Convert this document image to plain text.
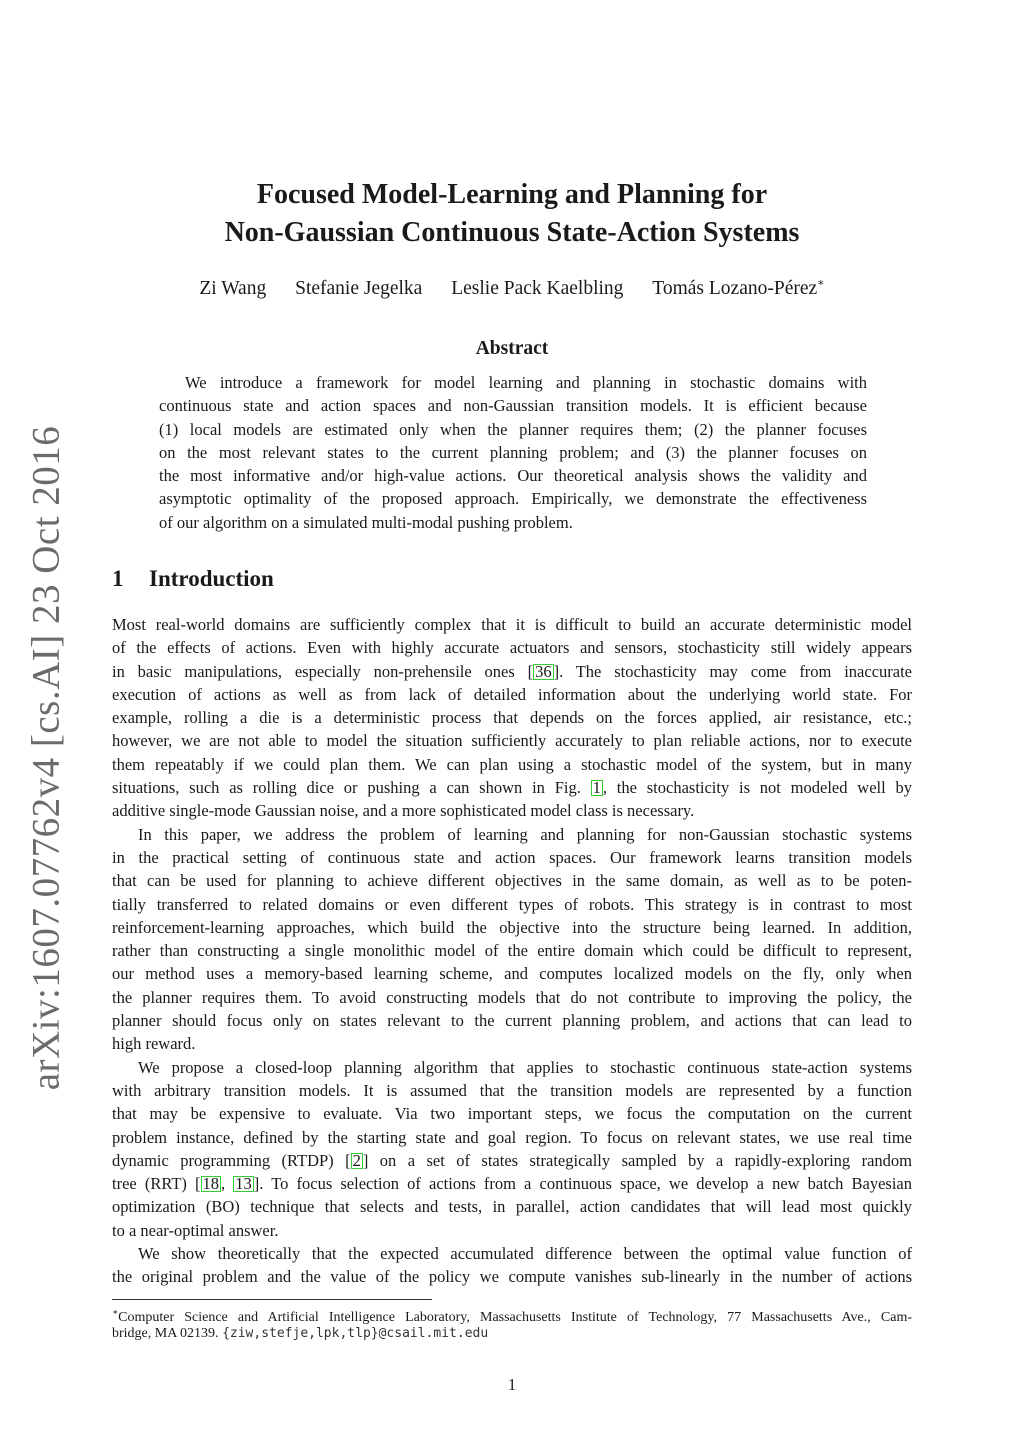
arXiv:1607.07762v4 [cs.AI] 23 Oct 2016
Focused Model-Learning and Planning for
Non-Gaussian Continuous State-Action Systems
Zi Wang Stefanie Jegelka Leslie Pack Kaelbling Tomás Lozano-Pérez∗
Abstract
We introduce a framework for model learning and planning in stochastic domains with
continuous state and action spaces and non-Gaussian transition models. It is efficient because
(1) local models are estimated only when the planner requires them; (2) the planner focuses
on the most relevant states to the current planning problem; and (3) the planner focuses on
the most informative and/or high-value actions. Our theoretical analysis shows the validity and
asymptotic optimality of the proposed approach. Empirically, we demonstrate the effectiveness
of our algorithm on a simulated multi-modal pushing problem.
1 Introduction
Most real-world domains are sufficiently complex that it is difficult to build an accurate deterministic model
of the effects of actions. Even with highly accurate actuators and sensors, stochasticity still widely appears
in basic manipulations, especially non-prehensile ones [ 36 ]. The stochasticity may come from inaccurate
execution of actions as well as from lack of detailed information about the underlying world state. For
example, rolling a die is a deterministic process that depends on the forces applied, air resistance, etc.;
however, we are not able to model the situation sufficiently accurately to plan reliable actions, nor to execute
them repeatably if we could plan them. We can plan using a stochastic model of the system, but in many
situations, such as rolling dice or pushing a can shown in Fig. 1 , the stochasticity is not modeled well by
additive single-mode Gaussian noise, and a more sophisticated model class is necessary.
In this paper, we address the problem of learning and planning for non-Gaussian stochastic systems
in the practical setting of continuous state and action spaces. Our framework learns transition models
that can be used for planning to achieve different objectives in the same domain, as well as to be poten-
tially transferred to related domains or even different types of robots. This strategy is in contrast to most
reinforcement-learning approaches, which build the objective into the structure being learned. In addition,
rather than constructing a single monolithic model of the entire domain which could be difficult to represent,
our method uses a memory-based learning scheme, and computes localized models on the fly, only when
the planner requires them. To avoid constructing models that do not contribute to improving the policy, the
planner should focus only on states relevant to the current planning problem, and actions that can lead to
high reward.
We propose a closed-loop planning algorithm that applies to stochastic continuous state-action systems
with arbitrary transition models. It is assumed that the transition models are represented by a function
that may be expensive to evaluate. Via two important steps, we focus the computation on the current
problem instance, defined by the starting state and goal region. To focus on relevant states, we use real time
dynamic programming (RTDP) [ 2 ] on a set of states strategically sampled by a rapidly-exploring random
tree (RRT) [ 18 , 13 ]. To focus selection of actions from a continuous space, we develop a new batch Bayesian
optimization (BO) technique that selects and tests, in parallel, action candidates that will lead most quickly
to a near-optimal answer.
We show theoretically that the expected accumulated difference between the optimal value function of
the original problem and the value of the policy we compute vanishes sub-linearly in the number of actions
∗Computer Science and Artificial Intelligence Laboratory, Massachusetts Institute of Technology, 77 Massachusetts Ave., Cam-
bridge, MA 02139. {ziw,stefje,lpk,tlp}@csail.mit.edu
1
